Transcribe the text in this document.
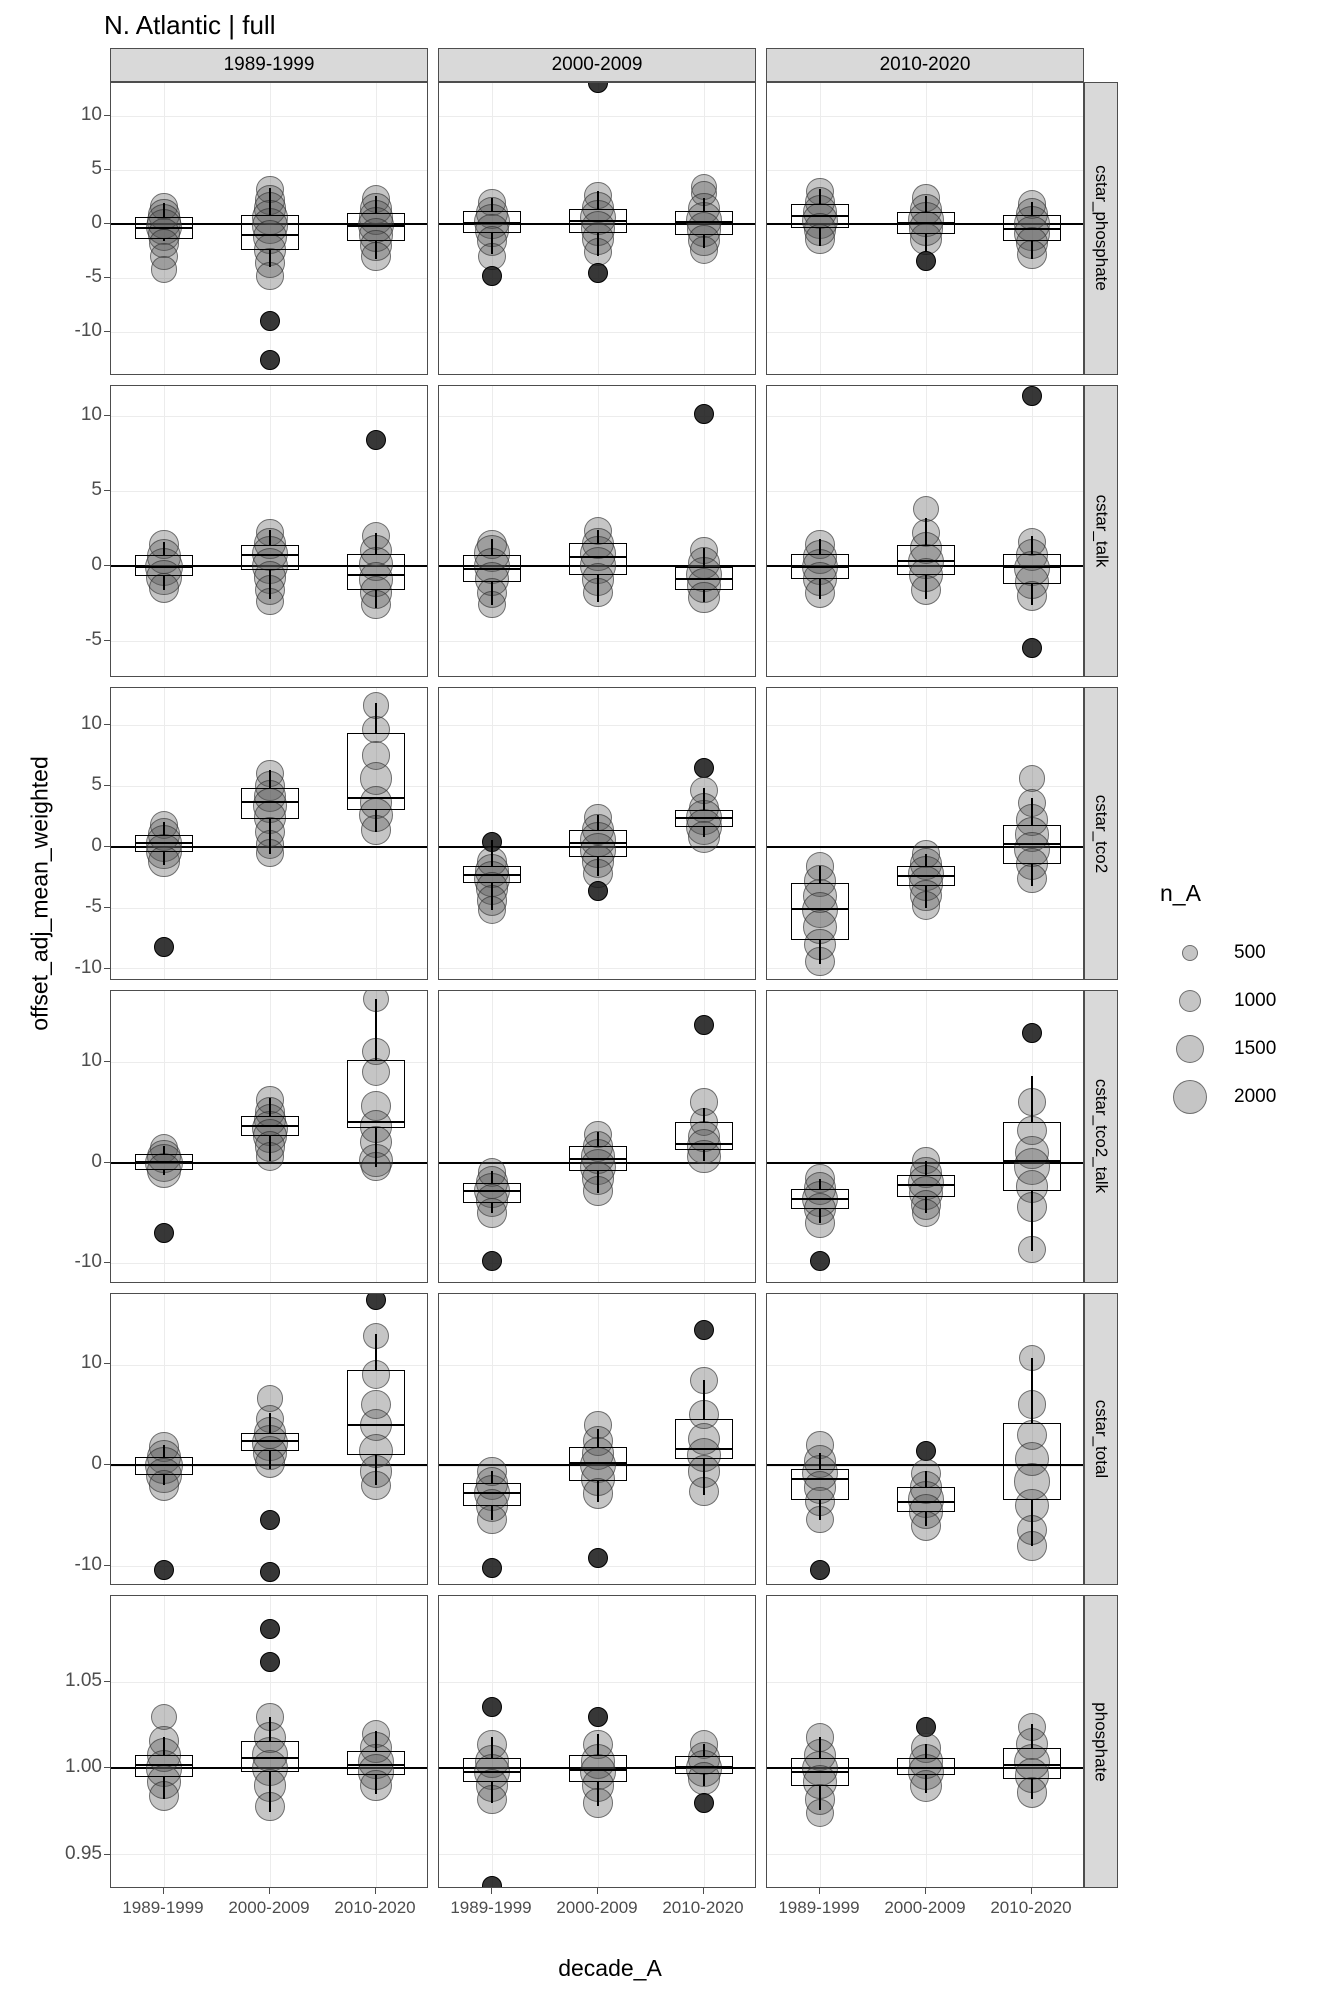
N. Atlantic | full
offset_adj_mean_weighted
decade_A
1989-1999	2000-2009	2010-2020
cstar_phosphate
cstar_talk
cstar_tco2
cstar_tco2_talk
cstar_total
phosphate
-10
-5
0
5
10
-5
0
5
10
-10
-5
0
5
10
-10
0
10
-10
0
10
0.95
1.00
1.05
1989-1999 2000-2009 2010-2020 1989-1999 2000-2009 2010-2020 1989-1999 2000-2009 2010-2020
n_A
500
1000
1500
2000
